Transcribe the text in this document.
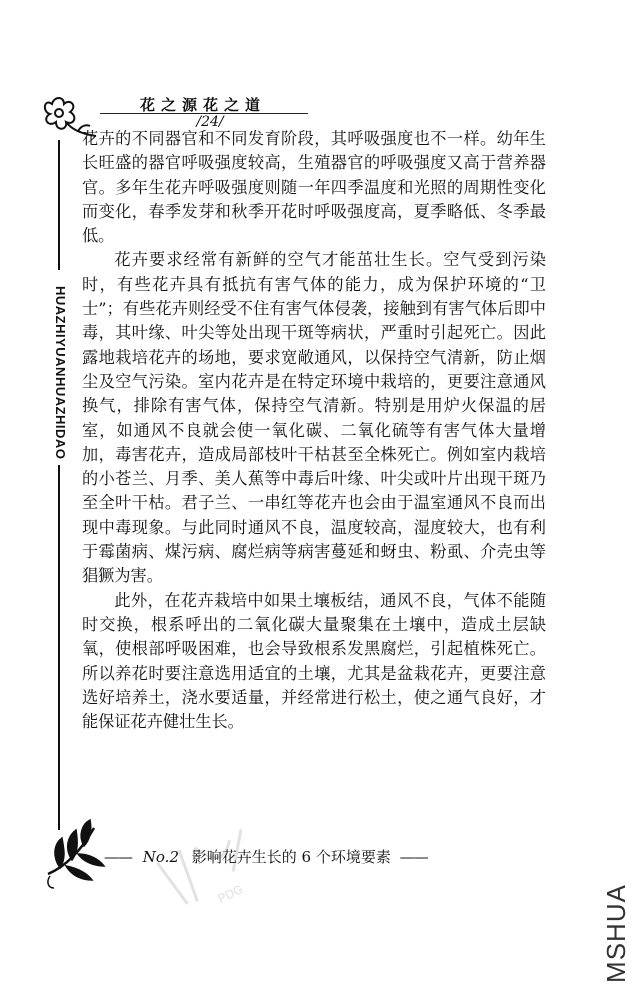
花之源花之道
/24/
HUAZHIYUANHUAZHIDAO

花卉的不同器官和不同发育阶段，其呼吸强度也不一样。幼年生长旺盛的器官呼吸强度较高，生殖器官的呼吸强度又高于营养器官。多年生花卉呼吸强度则随一年四季温度和光照的周期性变化而变化，春季发芽和秋季开花时呼吸强度高，夏季略低、冬季最低。

花卉要求经常有新鲜的空气才能茁壮生长。空气受到污染时，有些花卉具有抵抗有害气体的能力，成为保护环境的“卫士”；有些花卉则经受不住有害气体侵袭，接触到有害气体后即中毒，其叶缘、叶尖等处出现干斑等病状，严重时引起死亡。因此露地栽培花卉的场地，要求宽敞通风，以保持空气清新，防止烟尘及空气污染。室内花卉是在特定环境中栽培的，更要注意通风换气，排除有害气体，保持空气清新。特别是用炉火保温的居室，如通风不良就会使一氧化碳、二氧化硫等有害气体大量增加，毒害花卉，造成局部枝叶干枯甚至全株死亡。例如室内栽培的小苍兰、月季、美人蕉等中毒后叶缘、叶尖或叶片出现干斑乃至全叶干枯。君子兰、一串红等花卉也会由于温室通风不良而出现中毒现象。与此同时通风不良，温度较高，湿度较大，也有利于霉菌病、煤污病、腐烂病等病害蔓延和蚜虫、粉虱、介壳虫等猖獗为害。

此外，在花卉栽培中如果土壤板结，通风不良，气体不能随时交换，根系呼出的二氧化碳大量聚集在土壤中，造成土层缺氧，使根部呼吸困难，也会导致根系发黑腐烂，引起植株死亡。所以养花时要注意选用适宜的土壤，尤其是盆栽花卉，更要注意选好培养土，浇水要适量，并经常进行松土，使之通气良好，才能保证花卉健壮生长。

PDG
—— No.2 影响花卉生长的 6 个环境要素 ——
MSHUA
